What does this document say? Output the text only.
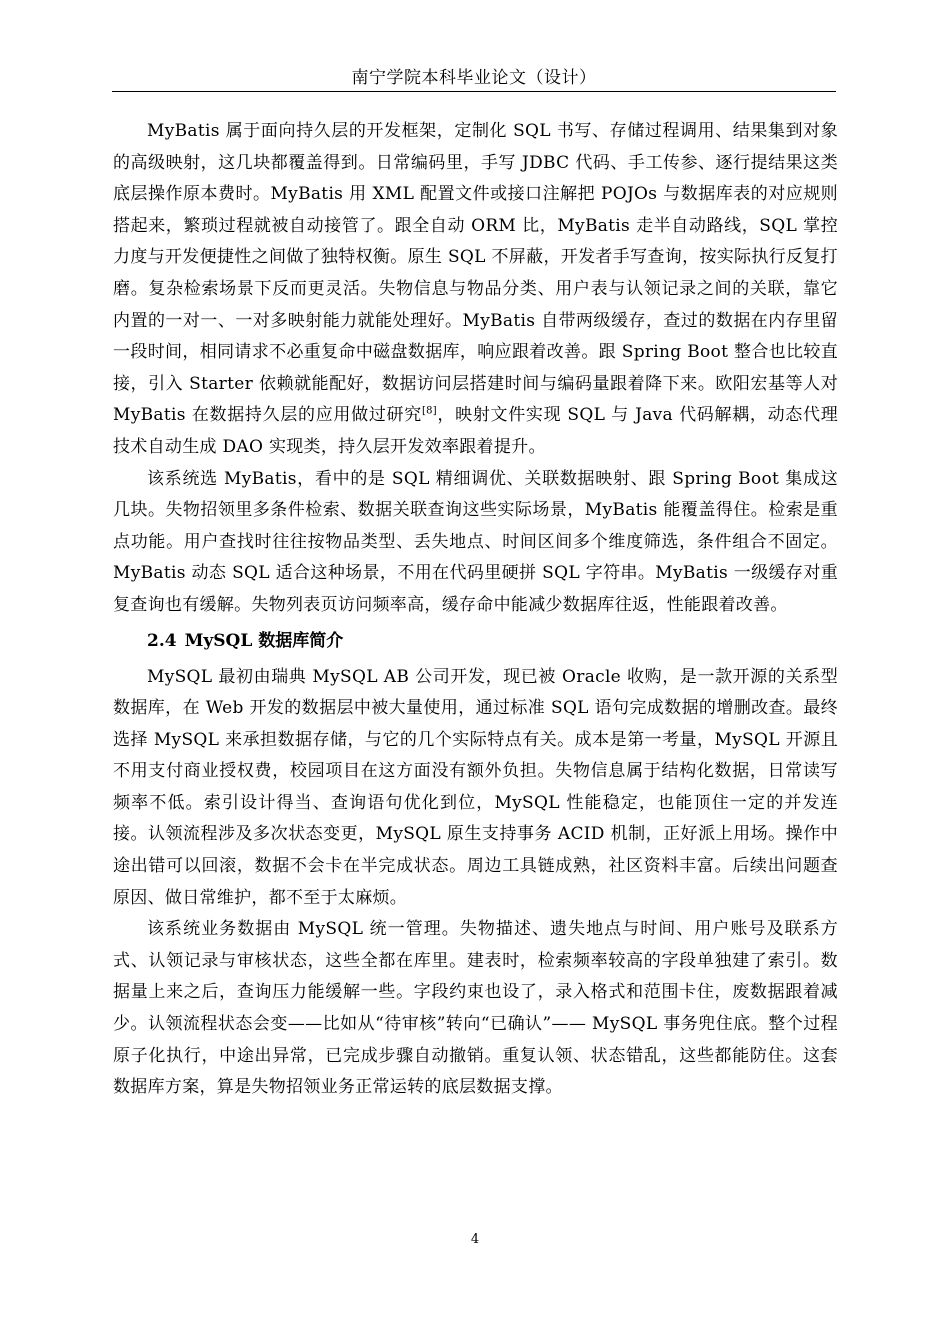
南宁学院本科毕业论文（设计）

MyBatis 属于面向持久层的开发框架，定制化 SQL 书写、存储过程调用、结果集到对象的高级映射，这几块都覆盖得到。日常编码里，手写 JDBC 代码、手工传参、逐行提结果这类底层操作原本费时。MyBatis 用 XML 配置文件或接口注解把 POJOs 与数据库表的对应规则搭起来，繁琐过程就被自动接管了。跟全自动 ORM 比，MyBatis 走半自动路线，SQL 掌控力度与开发便捷性之间做了独特权衡。原生 SQL 不屏蔽，开发者手写查询，按实际执行反复打磨。复杂检索场景下反而更灵活。失物信息与物品分类、用户表与认领记录之间的关联，靠它内置的一对一、一对多映射能力就能处理好。MyBatis 自带两级缓存，查过的数据在内存里留一段时间，相同请求不必重复命中磁盘数据库，响应跟着改善。跟 Spring Boot 整合也比较直接，引入 Starter 依赖就能配好，数据访问层搭建时间与编码量跟着降下来。欧阳宏基等人对 MyBatis 在数据持久层的应用做过研究[8]，映射文件实现 SQL 与 Java 代码解耦，动态代理技术自动生成 DAO 实现类，持久层开发效率跟着提升。

该系统选 MyBatis，看中的是 SQL 精细调优、关联数据映射、跟 Spring Boot 集成这几块。失物招领里多条件检索、数据关联查询这些实际场景，MyBatis 能覆盖得住。检索是重点功能。用户查找时往往按物品类型、丢失地点、时间区间多个维度筛选，条件组合不固定。MyBatis 动态 SQL 适合这种场景，不用在代码里硬拼 SQL 字符串。MyBatis 一级缓存对重复查询也有缓解。失物列表页访问频率高，缓存命中能减少数据库往返，性能跟着改善。

2.4 MySQL 数据库简介

MySQL 最初由瑞典 MySQL AB 公司开发，现已被 Oracle 收购，是一款开源的关系型数据库，在 Web 开发的数据层中被大量使用，通过标准 SQL 语句完成数据的增删改查。最终选择 MySQL 来承担数据存储，与它的几个实际特点有关。成本是第一考量，MySQL 开源且不用支付商业授权费，校园项目在这方面没有额外负担。失物信息属于结构化数据，日常读写频率不低。索引设计得当、查询语句优化到位，MySQL 性能稳定，也能顶住一定的并发连接。认领流程涉及多次状态变更，MySQL 原生支持事务 ACID 机制，正好派上用场。操作中途出错可以回滚，数据不会卡在半完成状态。周边工具链成熟，社区资料丰富。后续出问题查原因、做日常维护，都不至于太麻烦。

该系统业务数据由 MySQL 统一管理。失物描述、遗失地点与时间、用户账号及联系方式、认领记录与审核状态，这些全都在库里。建表时，检索频率较高的字段单独建了索引。数据量上来之后，查询压力能缓解一些。字段约束也设了，录入格式和范围卡住，废数据跟着减少。认领流程状态会变——比如从“待审核”转向“已确认”—— MySQL 事务兜住底。整个过程原子化执行，中途出异常，已完成步骤自动撤销。重复认领、状态错乱，这些都能防住。这套数据库方案，算是失物招领业务正常运转的底层数据支撑。

4
